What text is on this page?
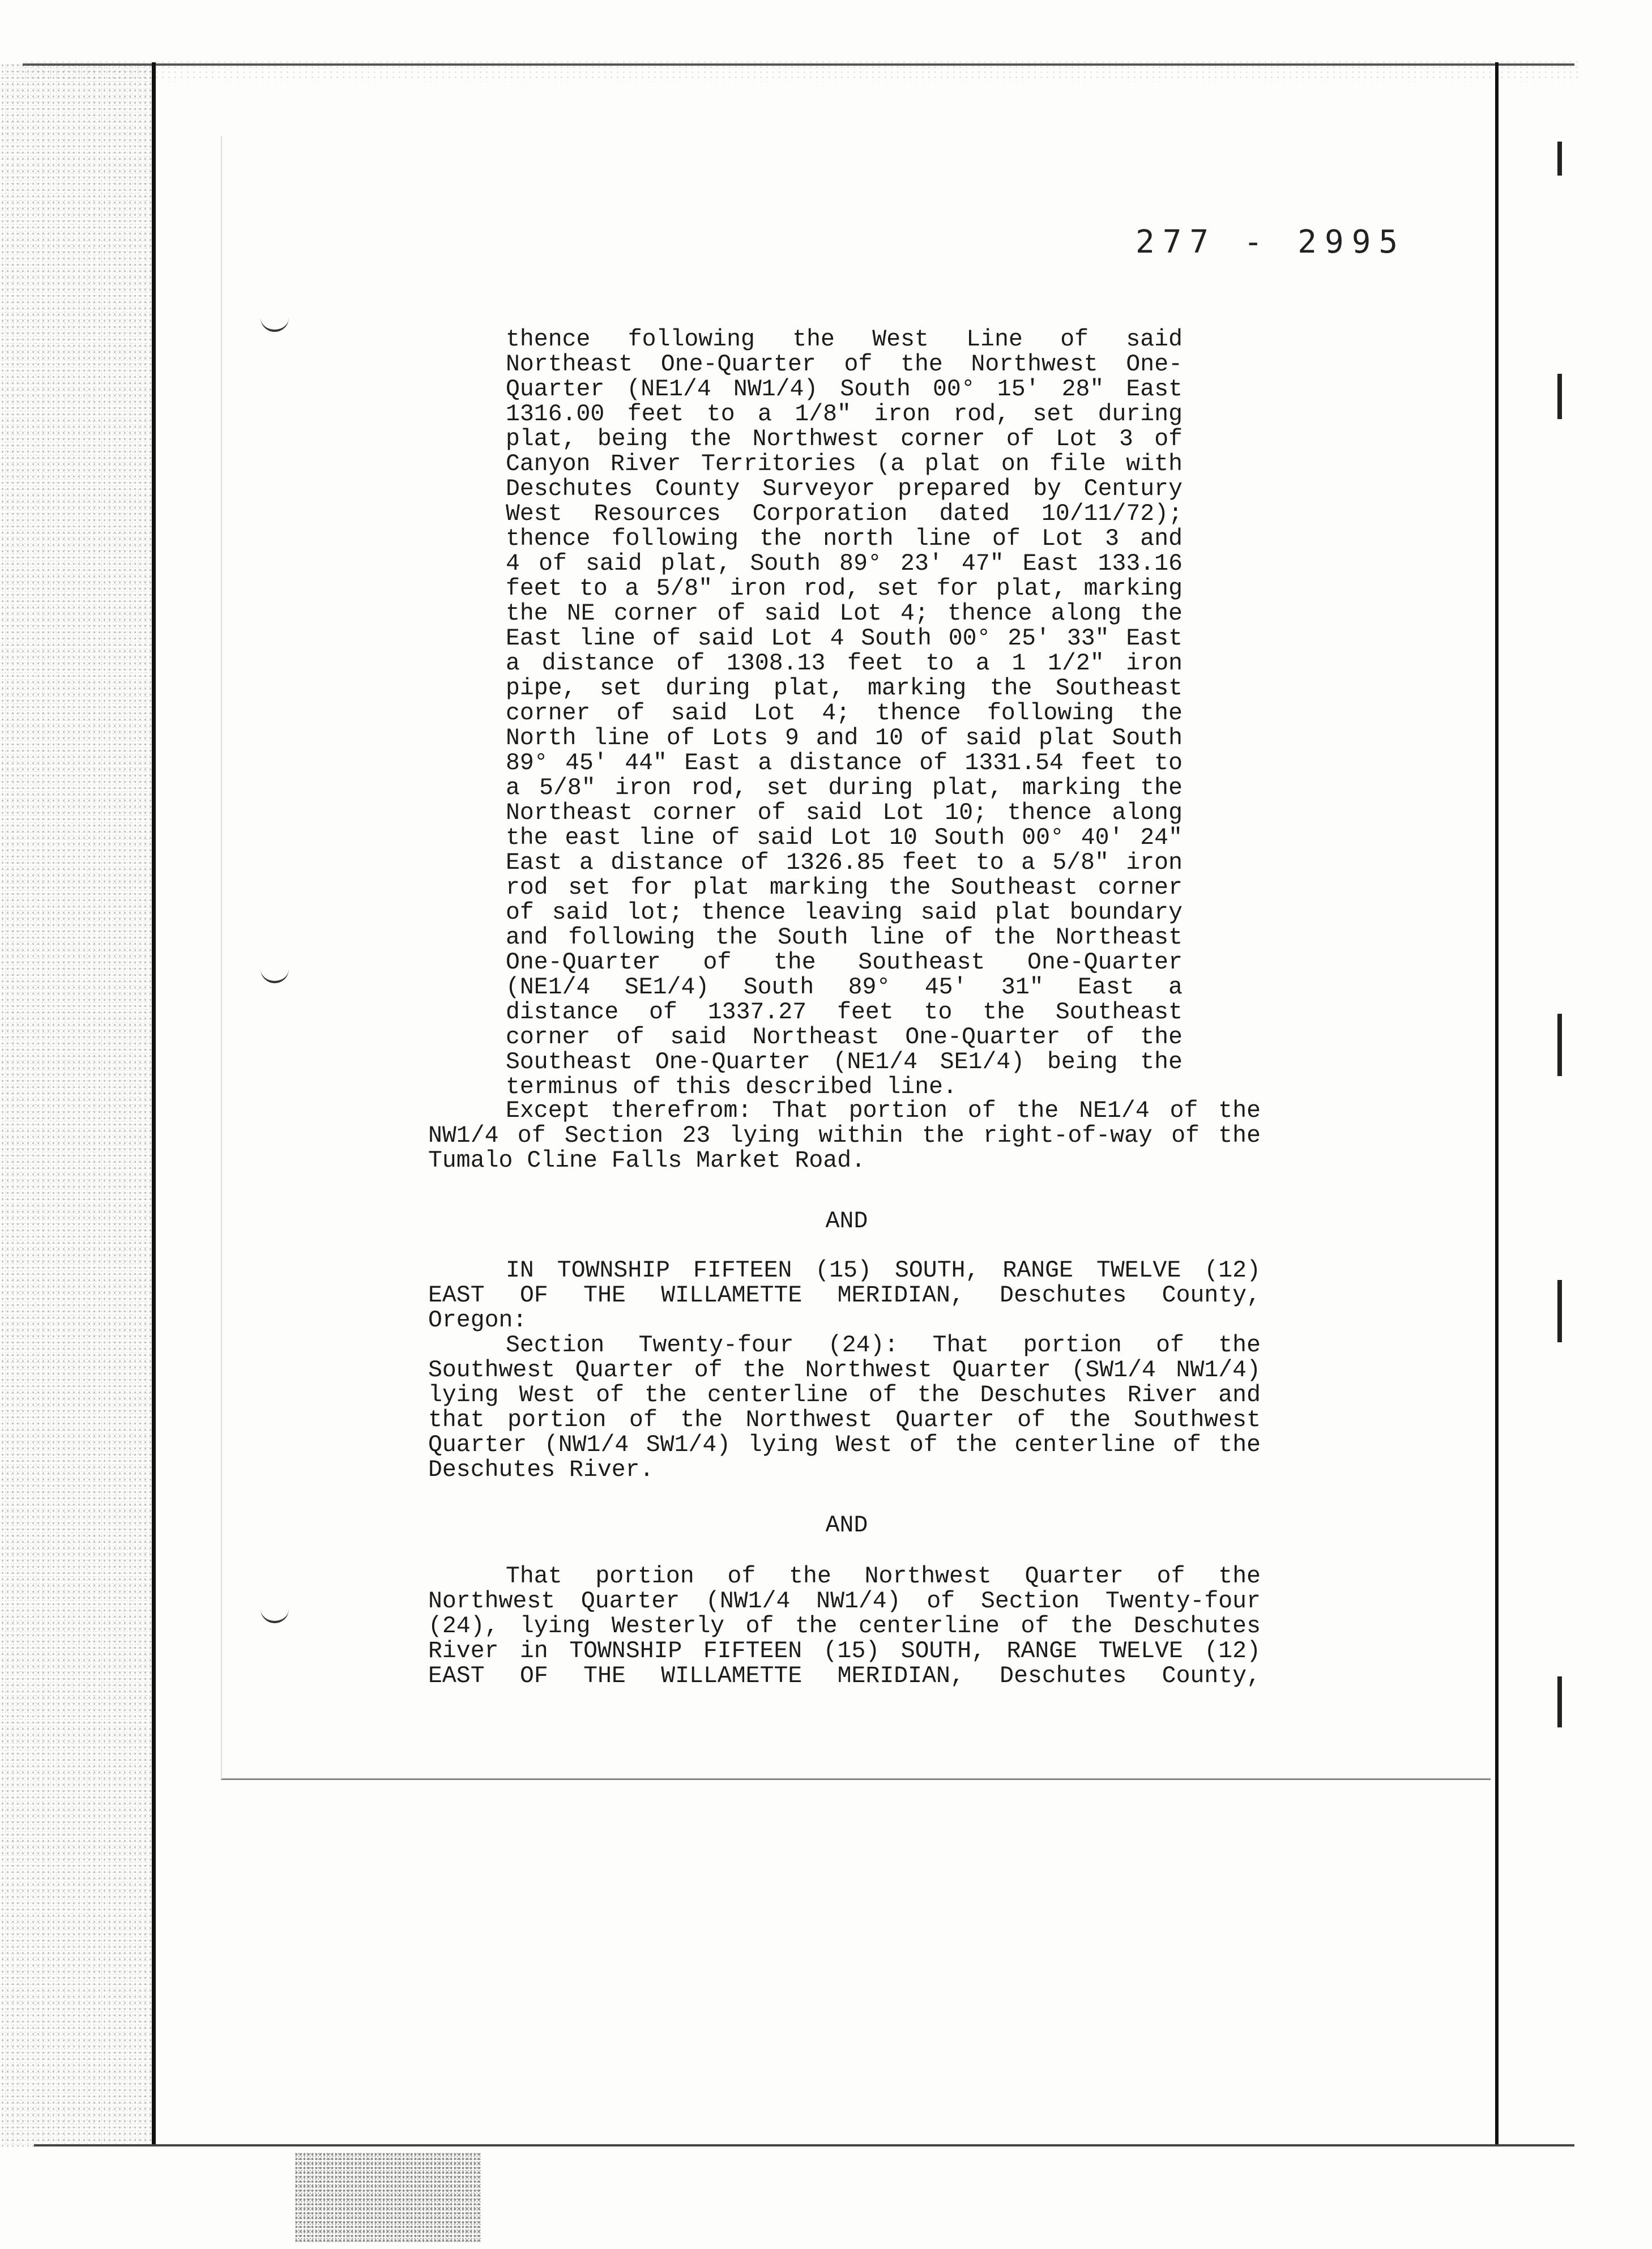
277 - 2995
thence following the West Line of said
Northeast One-Quarter of the Northwest One-
Quarter (NE1/4 NW1/4) South 00° 15' 28" East
1316.00 feet to a 1/8" iron rod, set during
plat, being the Northwest corner of Lot 3 of
Canyon River Territories (a plat on file with
Deschutes County Surveyor prepared by Century
West Resources Corporation dated 10/11/72);
thence following the north line of Lot 3 and
4 of said plat, South 89° 23' 47" East 133.16
feet to a 5/8" iron rod, set for plat, marking
the NE corner of said Lot 4; thence along the
East line of said Lot 4 South 00° 25' 33" East
a distance of 1308.13 feet to a 1 1/2" iron
pipe, set during plat, marking the Southeast
corner of said Lot 4; thence following the
North line of Lots 9 and 10 of said plat South
89° 45' 44" East a distance of 1331.54 feet to
a 5/8" iron rod, set during plat, marking the
Northeast corner of said Lot 10; thence along
the east line of said Lot 10 South 00° 40' 24"
East a distance of 1326.85 feet to a 5/8" iron
rod set for plat marking the Southeast corner
of said lot; thence leaving said plat boundary
and following the South line of the Northeast
One-Quarter of the Southeast One-Quarter
(NE1/4 SE1/4) South 89° 45' 31" East a
distance of 1337.27 feet to the Southeast
corner of said Northeast One-Quarter of the
Southeast One-Quarter (NE1/4 SE1/4) being the
terminus of this described line.
Except therefrom: That portion of the NE1/4 of the
NW1/4 of Section 23 lying within the right-of-way of the
Tumalo Cline Falls Market Road.
AND
IN TOWNSHIP FIFTEEN (15) SOUTH, RANGE TWELVE (12)
EAST OF THE WILLAMETTE MERIDIAN, Deschutes County,
Oregon:
Section Twenty-four (24): That portion of the
Southwest Quarter of the Northwest Quarter (SW1/4 NW1/4)
lying West of the centerline of the Deschutes River and
that portion of the Northwest Quarter of the Southwest
Quarter (NW1/4 SW1/4) lying West of the centerline of the
Deschutes River.
AND
That portion of the Northwest Quarter of the
Northwest Quarter (NW1/4 NW1/4) of Section Twenty-four
(24), lying Westerly of the centerline of the Deschutes
River in TOWNSHIP FIFTEEN (15) SOUTH, RANGE TWELVE (12)
EAST OF THE WILLAMETTE MERIDIAN, Deschutes County,
